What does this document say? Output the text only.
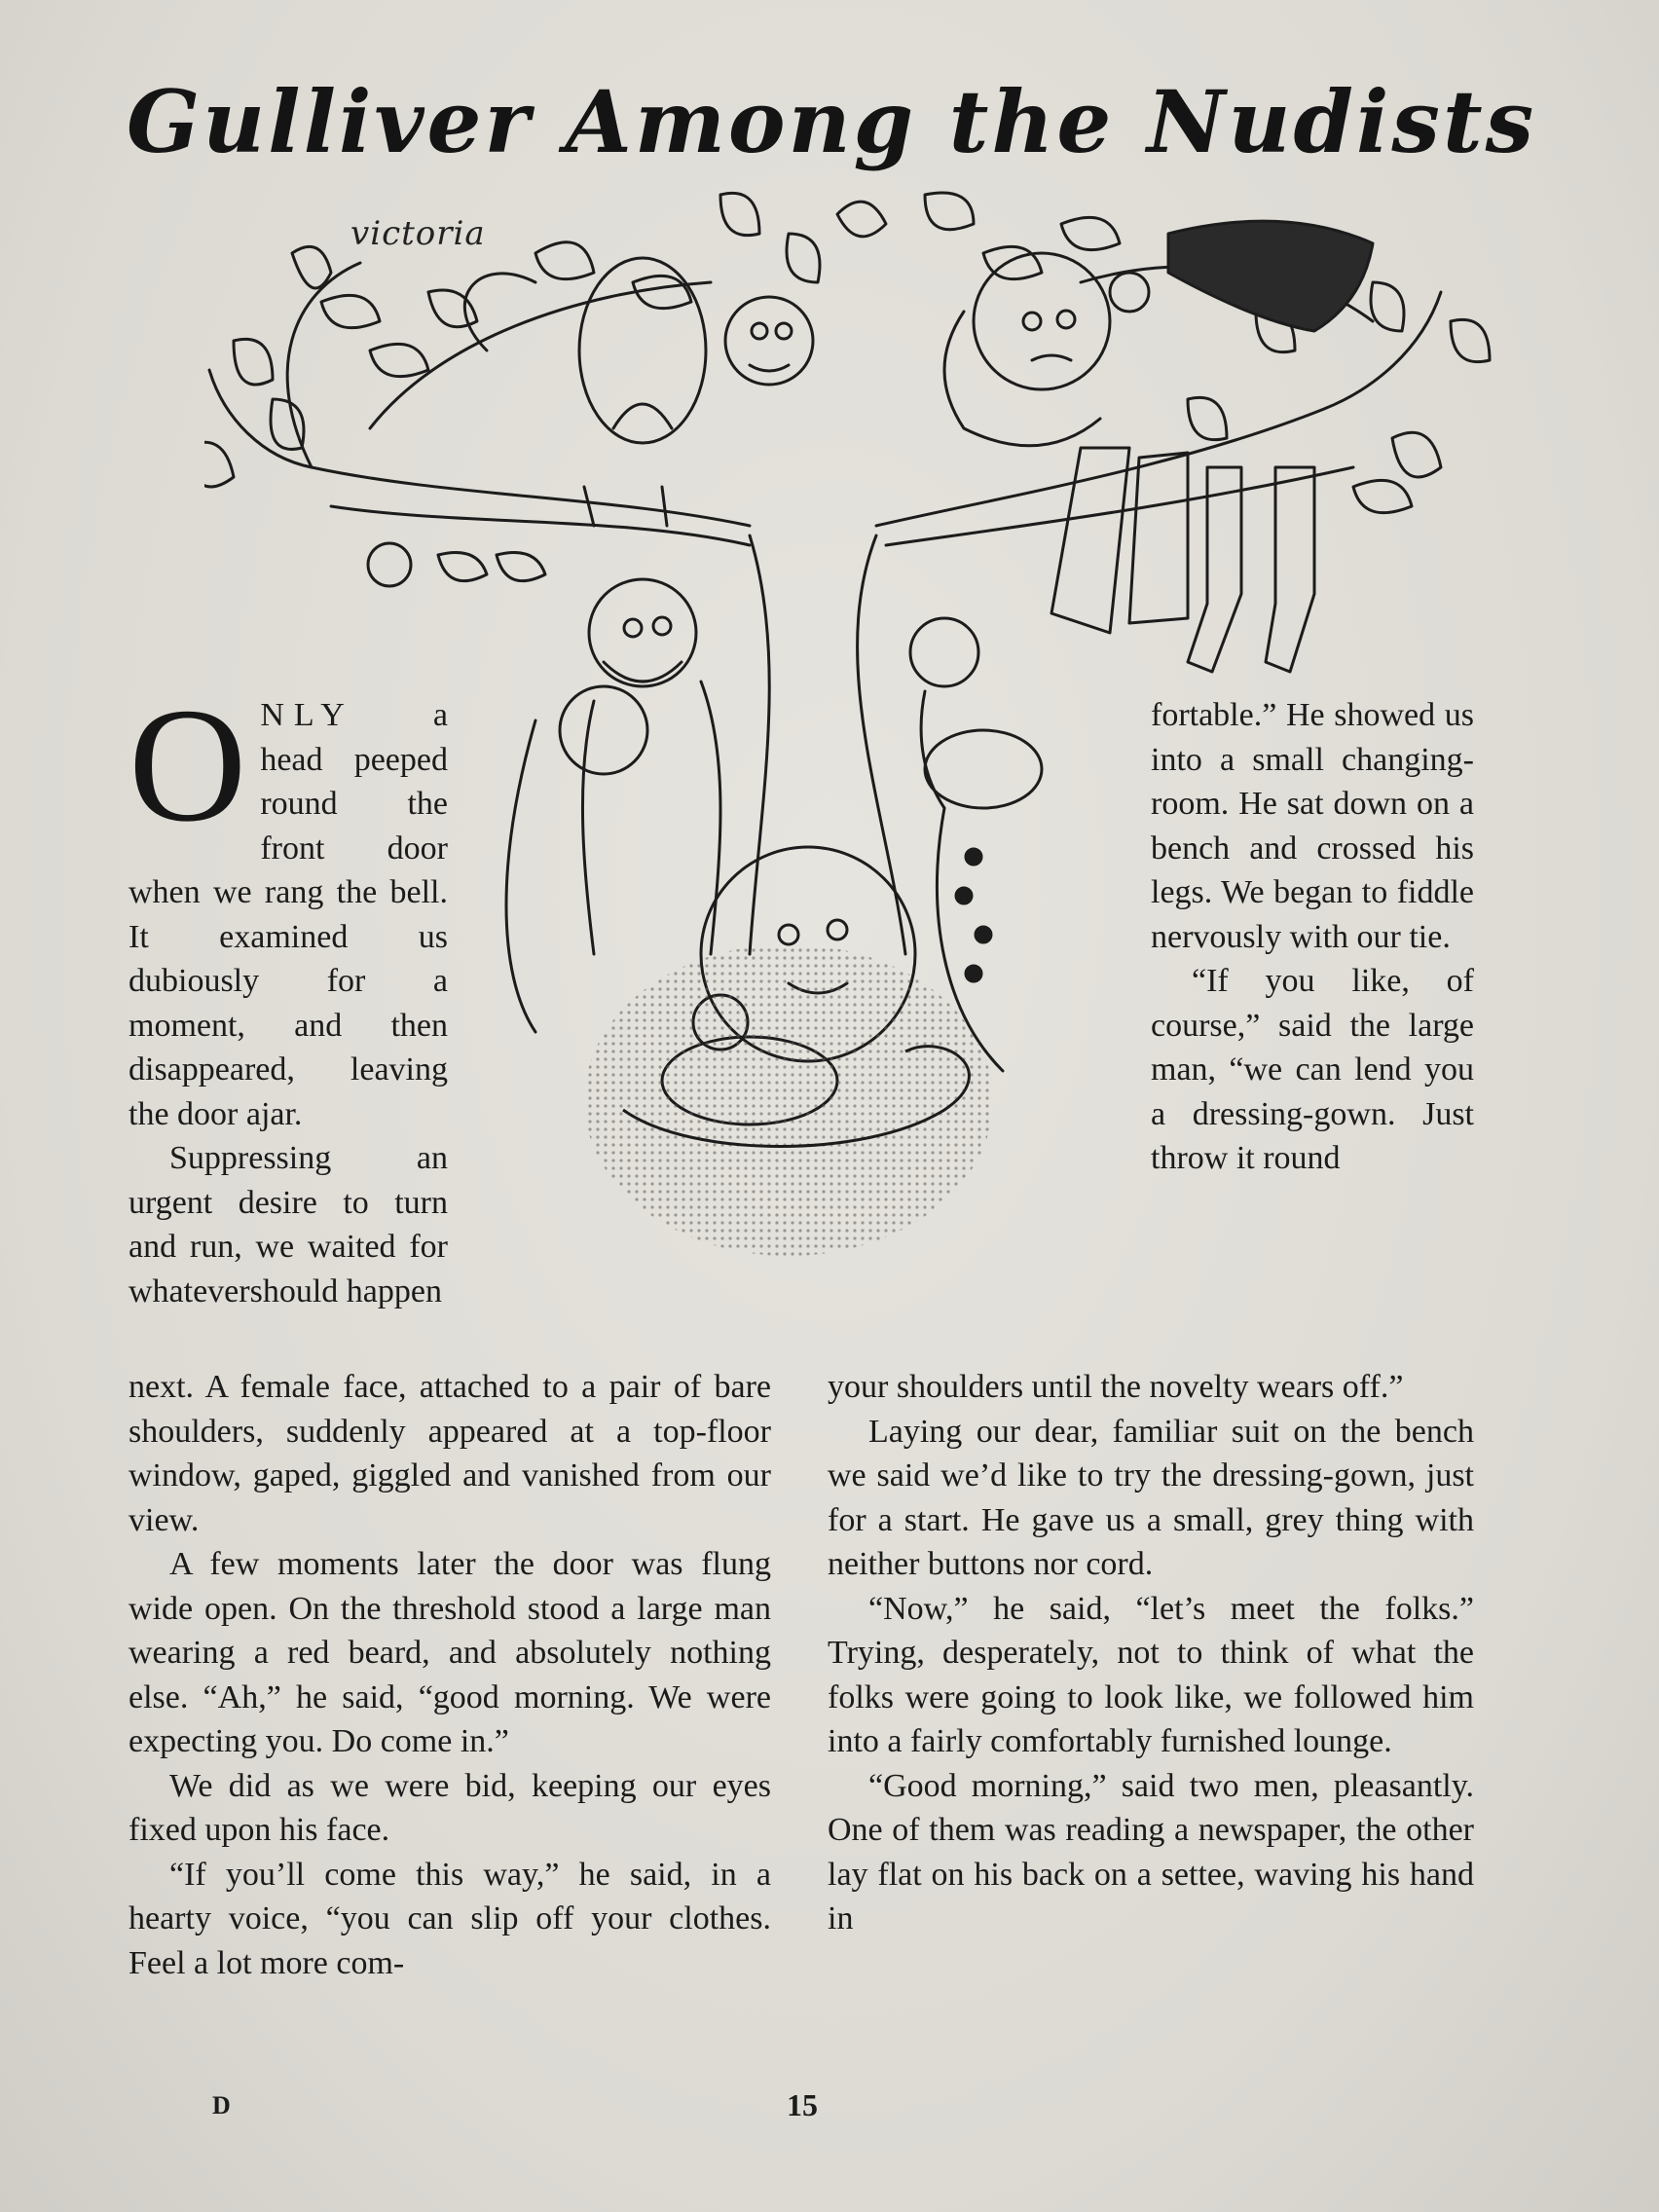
Gulliver Among the Nudists
victoria

ONLY a head peeped round the front door when we rang the bell. It examined us dubiously for a moment, and then disappeared, leaving the door ajar.

Suppressing an urgent desire to turn and run, we waited for whatevershould happen

fortable.” He showed us into a small changing-room. He sat down on a bench and crossed his legs. We began to fiddle nervously with our tie.

“If you like, of course,” said the large man, “we can lend you a dressing-gown. Just throw it round

next. A female face, attached to a pair of bare shoulders, suddenly appeared at a top-floor window, gaped, giggled and vanished from our view.

A few moments later the door was flung wide open. On the threshold stood a large man wearing a red beard, and absolutely nothing else. “Ah,” he said, “good morning. We were expecting you. Do come in.”

We did as we were bid, keeping our eyes fixed upon his face.

“If you’ll come this way,” he said, in a hearty voice, “you can slip off your clothes. Feel a lot more com-

your shoulders until the novelty wears off.”

Laying our dear, familiar suit on the bench we said we’d like to try the dressing-gown, just for a start. He gave us a small, grey thing with neither buttons nor cord.

“Now,” he said, “let’s meet the folks.” Trying, desperately, not to think of what the folks were going to look like, we followed him into a fairly comfortably furnished lounge.

“Good morning,” said two men, pleasantly. One of them was reading a newspaper, the other lay flat on his back on a settee, waving his hand in

D	15
